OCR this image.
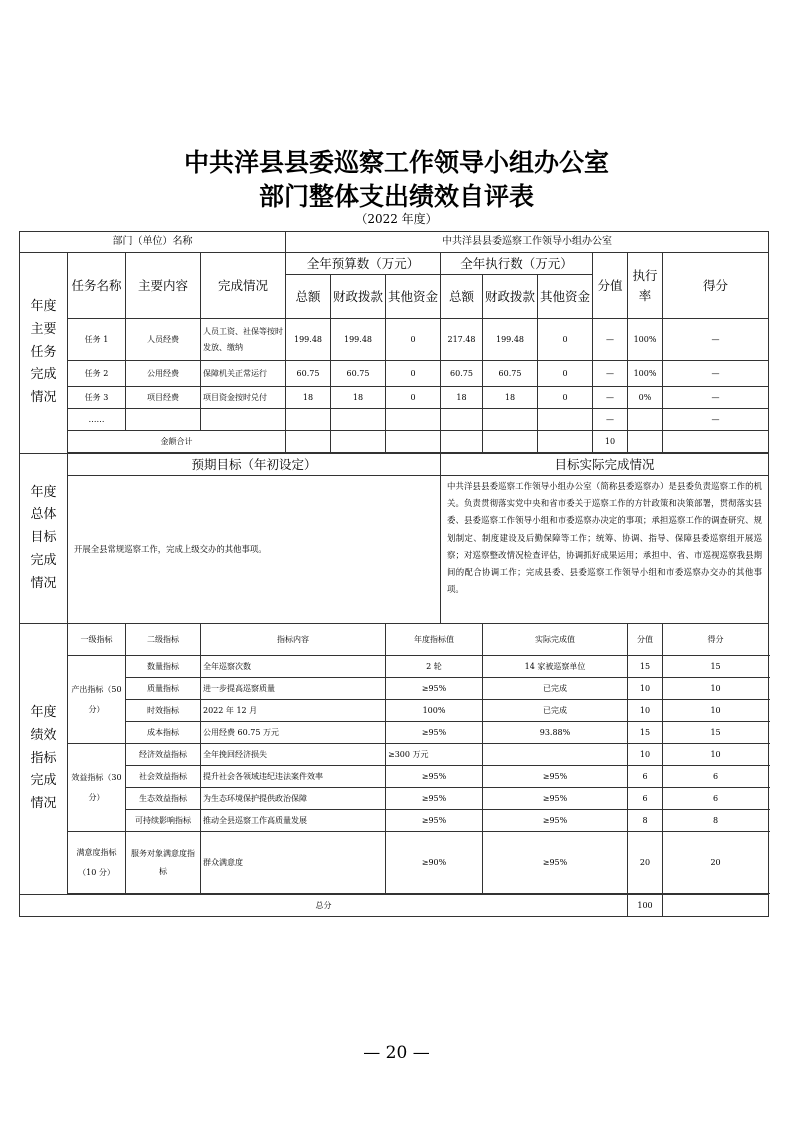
中共洋县县委巡察工作领导小组办公室
部门整体支出绩效自评表
（2022 年度）
部门（单位）名称				中共洋县县委巡察工作领导小组办公室								
年度主要任务完成情况	任务名称	主要内容	完成情况	全年预算数（万元）			全年执行数（万元）			分值	执行率	得分
				总额	财政拨款	其他资金	总额	财政拨款	其他资金			
	任务 1	人员经费	人员工资、社保等按时发放、缴纳	199.48	199.48	0	217.48	199.48	0	—	100%	—
	任务 2	公用经费	保障机关正常运行	60.75	60.75	0	60.75	60.75	0	—	100%	—
	任务 3	项目经费	项目资金按时兑付	18	18	0	18	18	0	—	0%	—
	……									—		—
	金额合计									10		

年度总体目标完成情况	预期目标（年初设定）						目标实际完成情况					
	开展全县常规巡察工作，完成上级交办的其他事项。						中共洋县县委巡察工作领导小组办公室（简称县委巡察办）是县委负责巡察工作的机关。负责贯彻落实党中央和省市委关于巡察工作的方针政策和决策部署，贯彻落实县委、县委巡察工作领导小组和市委巡察办决定的事项；承担巡察工作的调查研究、规划制定、制度建设及后勤保障等工作；统筹、协调、指导、保障县委巡察组开展巡察；对巡察整改情况检查评估，协调抓好成果运用；承担中、省、市巡视巡察我县期间的配合协调工作；完成县委、县委巡察工作领导小组和市委巡察办交办的其他事项。					
年度绩效指标完成情况	一级指标	二级指标	指标内容			年度指标值		实际完成值			分值	得分
	产出指标（50 分）	数量指标	全年巡察次数			2 轮		14 家被巡察单位			15	15
		质量指标	进一步提高巡察质量			≥95%		已完成			10	10
		时效指标	2022 年 12 月			100%		已完成			10	10
		成本指标	公用经费 60.75 万元			≥95%		93.88%			15	15
	效益指标（30 分）	经济效益指标	全年挽回经济损失			≥300 万元					10	10
		社会效益指标	提升社会各领域违纪违法案件效率			≥95%		≥95%			6	6
		生态效益指标	为生态环境保护提供政治保障			≥95%		≥95%			6	6
		可持续影响指标	推动全县巡察工作高质量发展			≥95%		≥95%			8	8
	满意度指标（10 分）	服务对象满意度指标	群众满意度			≥90%		≥95%			20	20

总分											100	
— 20 —
